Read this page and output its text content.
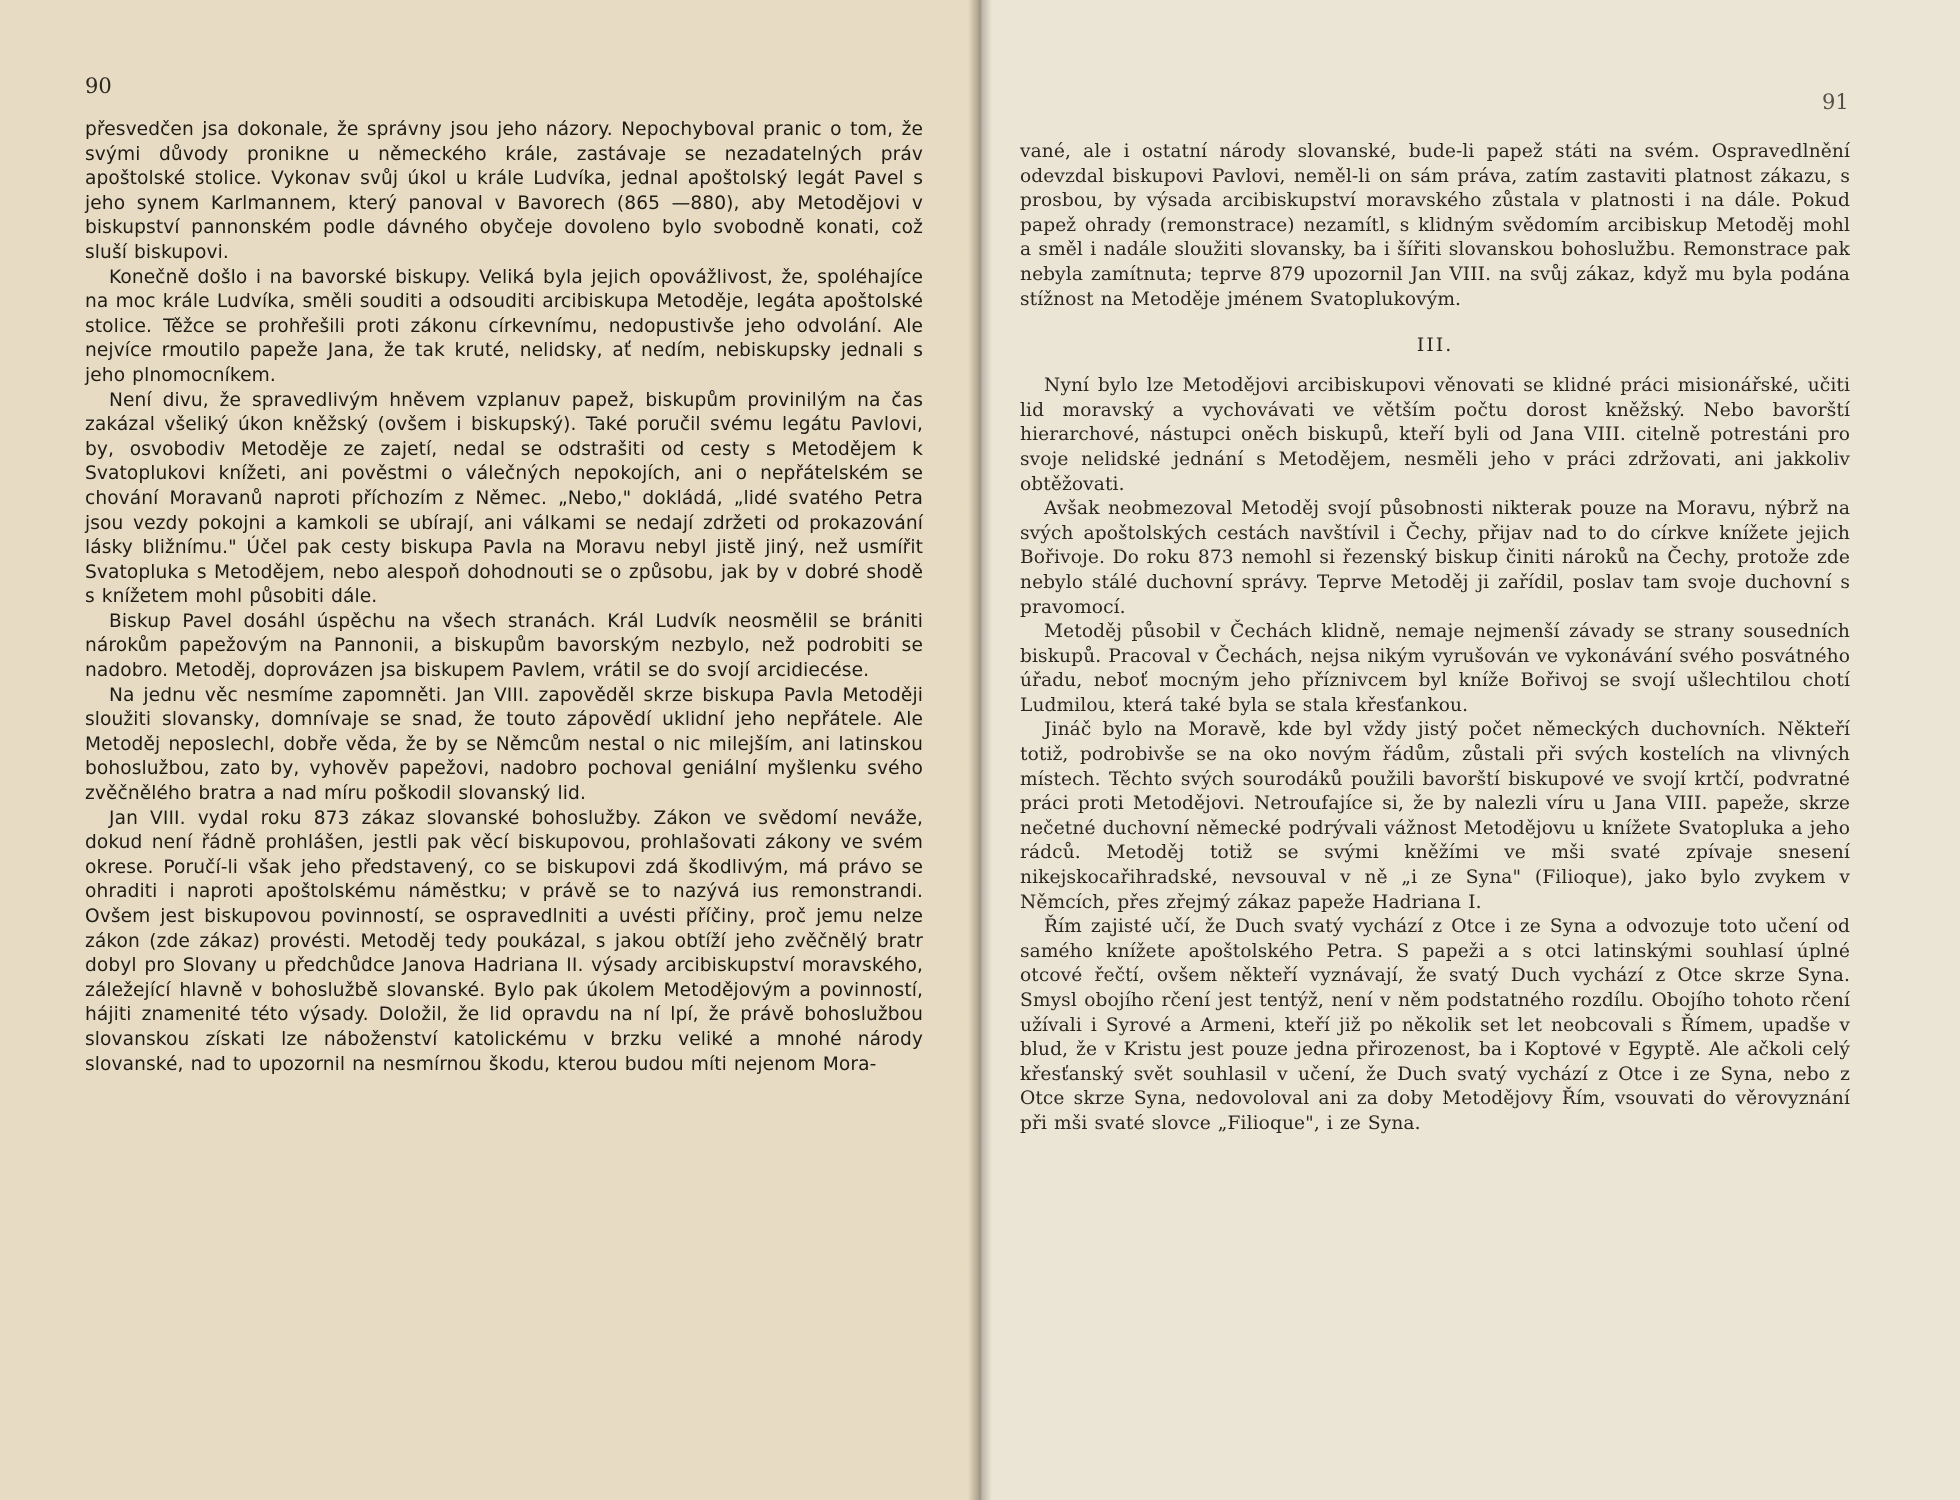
90

přesvedčen jsa dokonale, že správny jsou jeho názory. Nepochyboval pranic o tom, že svými důvody pronikne u německého krále, zastávaje se nezadatelných práv apoštolské stolice. Vykonav svůj úkol u krále Ludvíka, jednal apoštolský legát Pavel s jeho synem Karlmannem, který panoval v Bavorech (865 —880), aby Metodějovi v biskupství pannonském podle dávného obyčeje dovoleno bylo svobodně konati, což sluší biskupovi.

Konečně došlo i na bavorské biskupy. Veliká byla jejich opovážlivost, že, spoléhajíce na moc krále Ludvíka, směli souditi a odsouditi arcibiskupa Metoděje, legáta apoštolské stolice. Těžce se prohřešili proti zákonu církevnímu, nedopustivše jeho odvolání. Ale nejvíce rmoutilo papeže Jana, že tak kruté, nelidsky, ať nedím, nebiskupsky jednali s jeho plnomocníkem.

Není divu, že spravedlivým hněvem vzplanuv papež, biskupům provinilým na čas zakázal všeliký úkon kněžský (ovšem i biskupský). Také poručil svému legátu Pavlovi, by, osvobodiv Metoděje ze zajetí, nedal se odstrašiti od cesty s Metodějem k Svatoplukovi knížeti, ani pověstmi o válečných nepokojích, ani o nepřátelském se chování Moravanů naproti příchozím z Němec. „Nebo," dokládá, „lidé svatého Petra jsou vezdy pokojni a kamkoli se ubírají, ani válkami se nedají zdržeti od prokazování lásky bližnímu." Účel pak cesty biskupa Pavla na Moravu nebyl jistě jiný, než usmířit Svatopluka s Metodějem, nebo alespoň dohodnouti se o způsobu, jak by v dobré shodě s knížetem mohl působiti dále.

Biskup Pavel dosáhl úspěchu na všech stranách. Král Ludvík neosmělil se brániti nárokům papežovým na Pannonii, a biskupům bavorským nezbylo, než podrobiti se nadobro. Metoděj, doprovázen jsa biskupem Pavlem, vrátil se do svojí arcidiecése.

Na jednu věc nesmíme zapomněti. Jan VIII. zapověděl skrze biskupa Pavla Metodějі sloužiti slovansky, domnívaje se snad, že touto zápovědí uklidní jeho nepřátele. Ale Metoděj neposlechl, dobře věda, že by se Němcům nestal o nic milejším, ani latinskou bohoslužbou, zato by, vyhověv papežovi, nadobro pochoval geniální myšlenku svého zvěčnělého bratra a nad míru poškodil slovanský lid.

Jan VIII. vydal roku 873 zákaz slovanské bohoslužby. Zákon ve svědomí neváže, dokud není řádně prohlášen, jestli pak věcí biskupovou, prohlašovati zákony ve svém okrese. Poručí-li však jeho představený, co se biskupovi zdá škodlivým, má právo se ohraditi i naproti apoštolskému náměstku; v právě se to nazývá ius remonstrandi. Ovšem jest biskupovou povinností, se ospravedlniti a uvésti příčiny, proč jemu nelze zákon (zde zákaz) provésti. Metoděj tedy poukázal, s jakou obtíží jeho zvěčnělý bratr dobyl pro Slovany u předchůdce Janova Hadriana II. výsady arcibiskupství moravského, záležející hlavně v bohoslužbě slovanské. Bylo pak úkolem Metodějovým a povinností, hájiti znamenité této výsady. Doložil, že lid opravdu na ní lpí, že právě bohoslužbou slovanskou získati lze náboženství katolickému v brzku veliké a mnohé národy slovanské, nad to upozornil na nesmírnou škodu, kterou budou míti nejenom Mora-

91

vané, ale i ostatní národy slovanské, bude-li papež státi na svém. Ospravedlnění odevzdal biskupovi Pavlovi, neměl-li on sám práva, zatím zastaviti platnost zákazu, s prosbou, by výsada arcibiskupství moravského zůstala v platnosti i na dále. Pokud papež ohrady (remonstrace) nezamítl, s klidným svědomím arcibiskup Metoděj mohl a směl i nadále sloužiti slovansky, ba i šířiti slovanskou bohoslužbu. Remonstrace pak nebyla zamítnuta; teprve 879 upozornil Jan VIII. na svůj zákaz, když mu byla podána stížnost na Metoděje jménem Svatoplukovým.

III.

Nyní bylo lze Metodějovi arcibiskupovi věnovati se klidné práci misionářské, učiti lid moravský a vychovávati ve větším počtu dorost kněžský. Nebo bavorští hierarchové, nástupci oněch biskupů, kteří byli od Jana VIII. citelně potrestáni pro svoje nelidské jednání s Metodějem, nesměli jeho v práci zdržovati, ani jakkoliv obtěžovati.

Avšak neobmezoval Metoděj svojí působnosti nikterak pouze na Moravu, nýbrž na svých apoštolských cestách navštívil i Čechy, přijav nad to do církve knížete jejich Bořivoje. Do roku 873 nemohl si řezenský biskup činiti nároků na Čechy, protože zde nebylo stálé duchovní správy. Teprve Metoděj ji zařídil, poslav tam svoje duchovní s pravomocí.

Metoděj působil v Čechách klidně, nemaje nejmenší závady se strany sousedních biskupů. Pracoval v Čechách, nejsa nikým vyrušován ve vykonávání svého posvátného úřadu, neboť mocným jeho příznivcem byl kníže Bořivoj se svojí ušlechtilou chotí Ludmilou, která také byla se stala křesťankou.

Jináč bylo na Moravě, kde byl vždy jistý počet německých duchovních. Někteří totiž, podrobivše se na oko novým řádům, zůstali při svých kostelích na vlivných místech. Těchto svých sourodáků použili bavorští biskupové ve svojí krtčí, podvratné práci proti Metodějovi. Netroufajíce si, že by nalezli víru u Jana VIII. papeže, skrze nečetné duchovní německé podrývali vážnost Metodějovu u knížete Svatopluka a jeho rádců. Metoděj totiž se svými kněžími ve mši svaté zpívaje snesení nikejskocařihradské, nevsouval v ně „i ze Syna" (Filioque), jako bylo zvykem v Němcích, přes zřejmý zákaz papeže Hadriana I.

Řím zajisté učí, že Duch svatý vychází z Otce i ze Syna a odvozuje toto učení od samého knížete apoštolského Petra. S papeži a s otci latinskými souhlasí úplné otcové řečtí, ovšem někteří vyznávají, že svatý Duch vychází z Otce skrze Syna. Smysl obojího rčení jest tentýž, není v něm podstatného rozdílu. Obojího tohoto rčení užívali i Syrové a Armeni, kteří již po několik set let neobcovali s Římem, upadše v blud, že v Kristu jest pouze jedna přirozenost, ba i Koptové v Egyptě. Ale ačkoli celý křesťanský svět souhlasil v učení, že Duch svatý vychází z Otce i ze Syna, nebo z Otce skrze Syna, nedovoloval ani za doby Metodějovy Řím, vsouvati do věrovyznání při mši svaté slovce „Filioque", i ze Syna.
